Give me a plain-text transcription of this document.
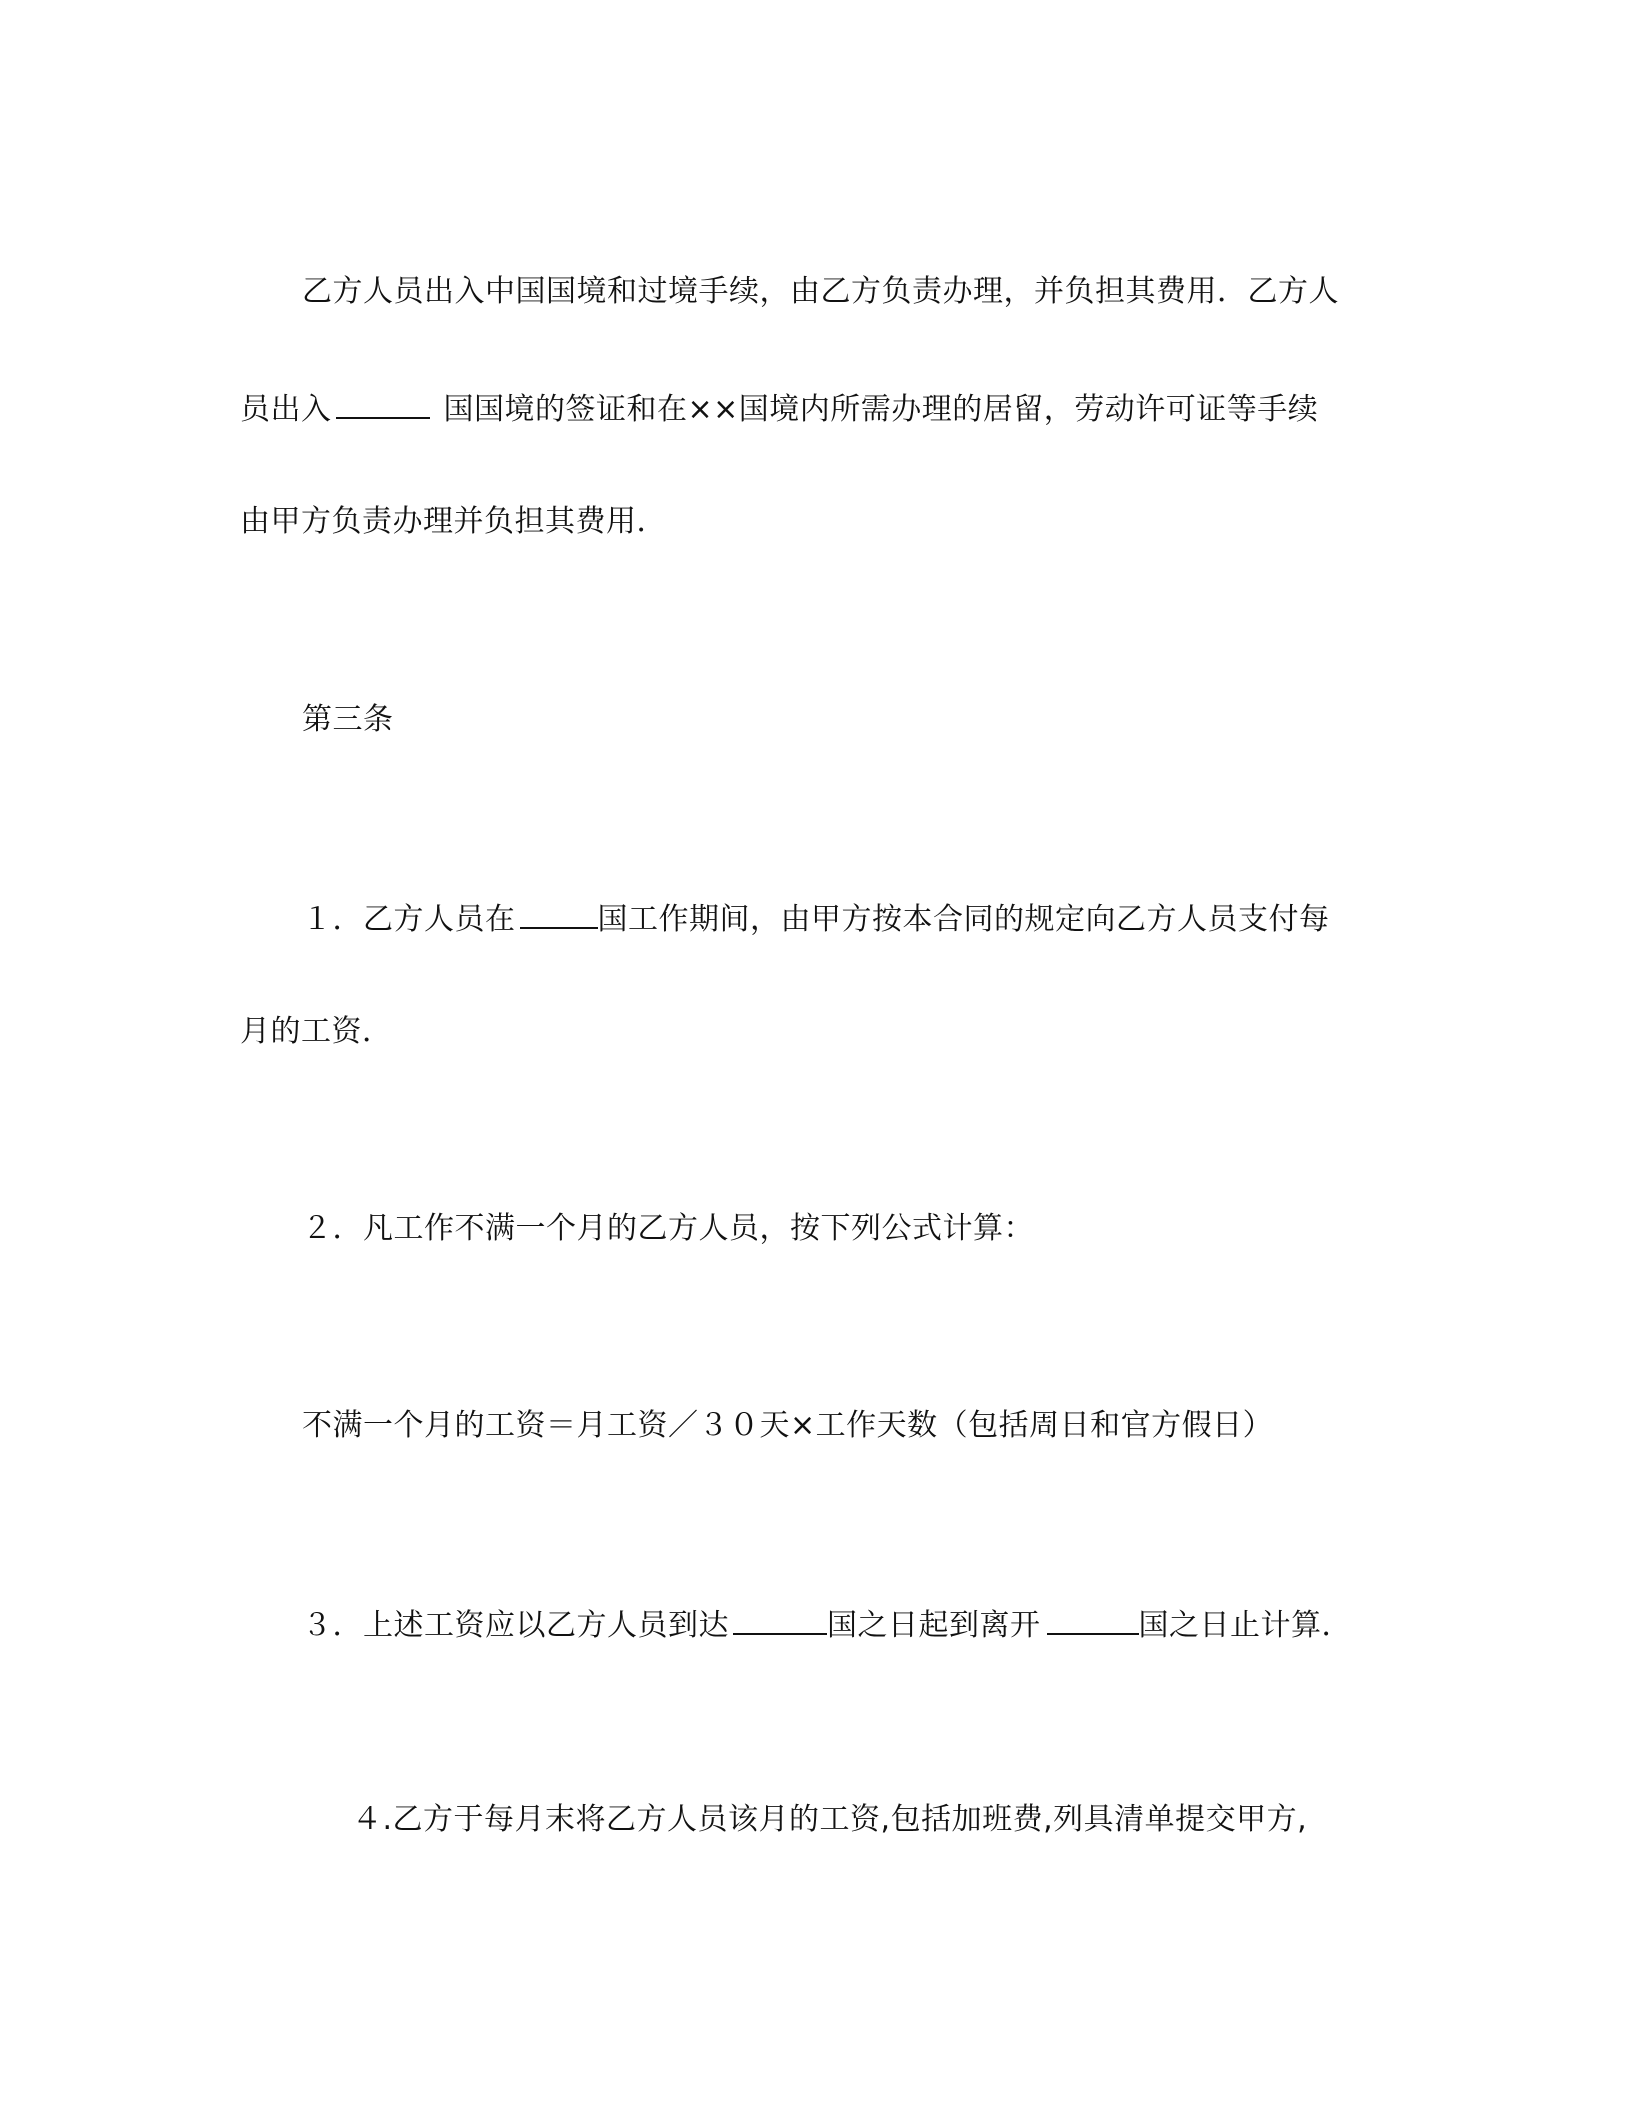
乙方人员出入中国国境和过境手续，由乙方负责办理，并负担其费用．乙方人
员出入	国国境的签证和在××国境内所需办理的居留，劳动许可证等手续
由甲方负责办理并负担其费用．
第三条
１．乙方人员在	国工作期间，由甲方按本合同的规定向乙方人员支付每
月的工资．
２．凡工作不满一个月的乙方人员，按下列公式计算：
不满一个月的工资＝月工资／３０天×工作天数（包括周日和官方假日）
３．上述工资应以乙方人员到达	国之日起到离开	国之日止计算．
４.乙方于每月末将乙方人员该月的工资,包括加班费,列具清单提交甲方,
